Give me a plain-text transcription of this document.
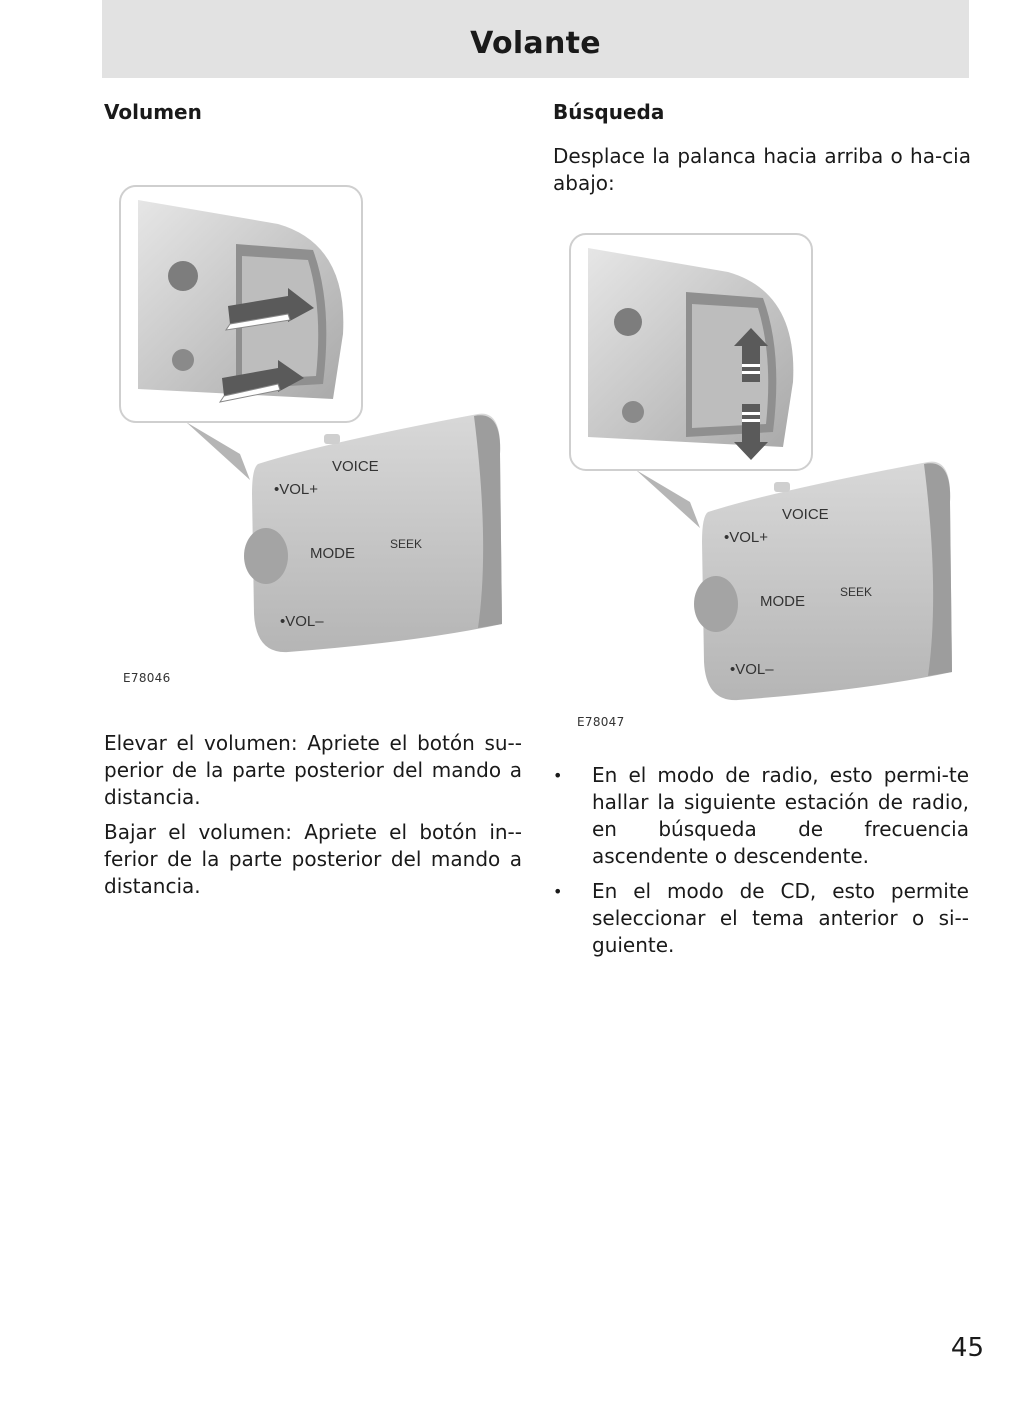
Volante
Volumen	Búsqueda

Desplace la palanca hacia arriba o ha-cia abajo:

VOICE
•VOL+
MODE
SEEK
•VOL–
E78046
VOICE
•VOL+
MODE
SEEK
•VOL–
E78047

Elevar el volumen: Apriete el botón su-perior de la parte posterior del mando a distancia.

Bajar el volumen: Apriete el botón in-ferior de la parte posterior del mando a distancia.

• En el modo de radio, esto permi-te hallar la siguiente estación de radio, en búsqueda de frecuencia ascendente o descendente.

• En el modo de CD, esto permite seleccionar el tema anterior o si-guiente.

45
